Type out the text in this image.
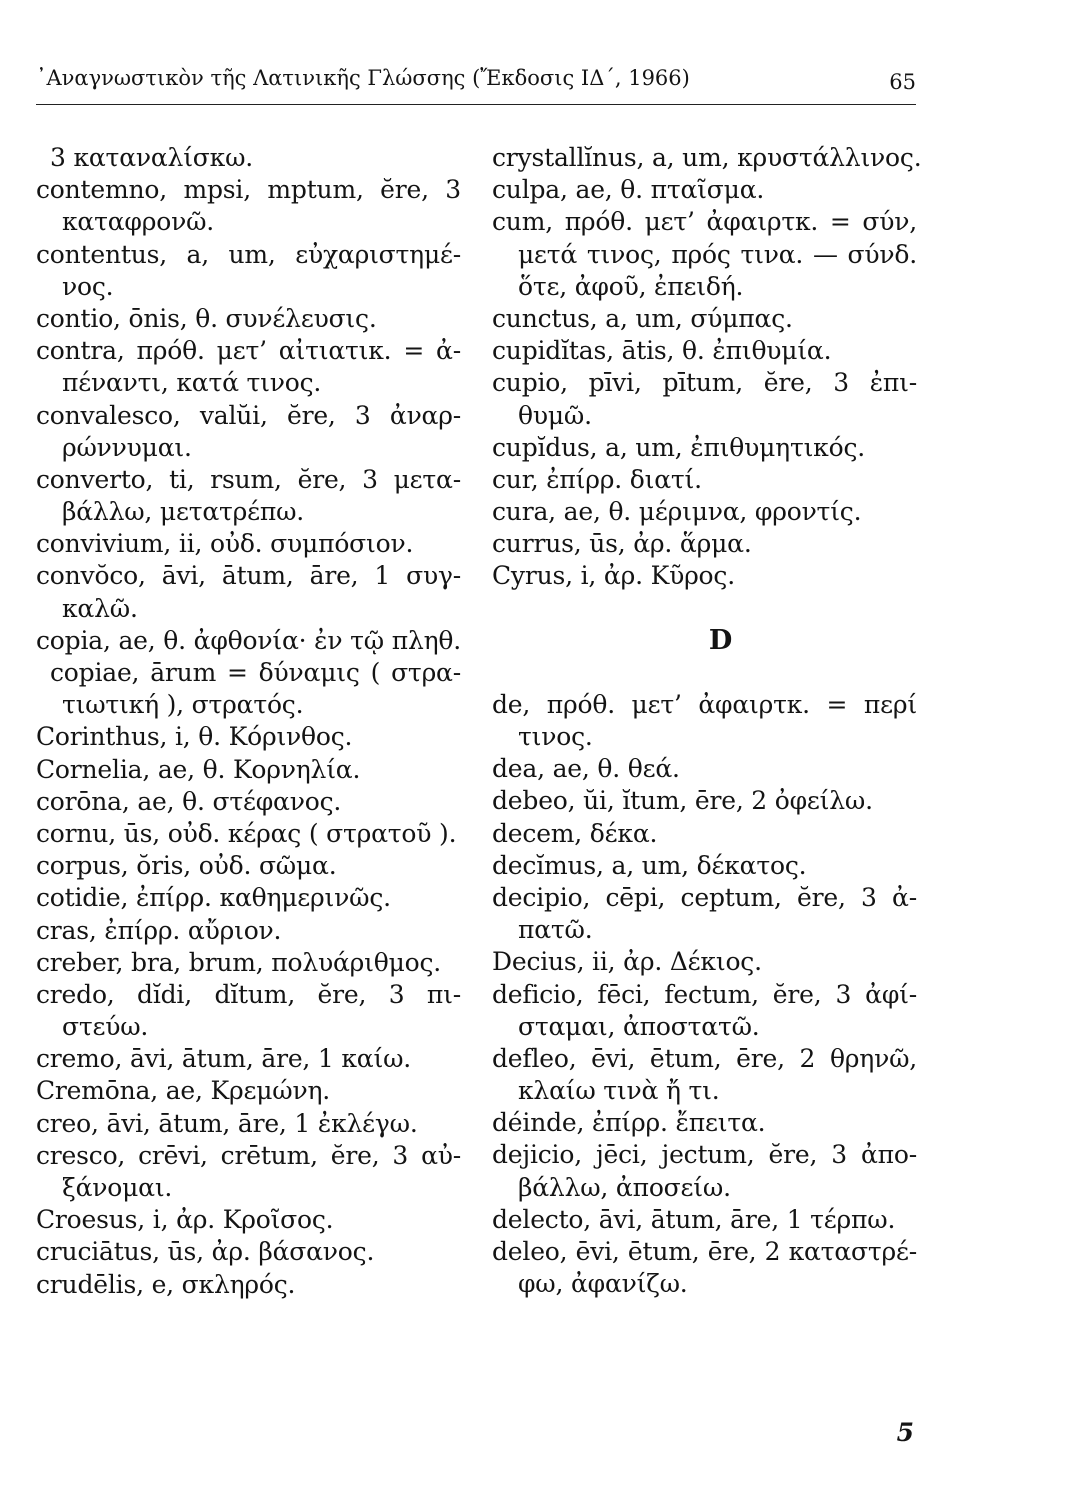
᾽Αναγνωστικὸν τῆς Λατινικῆς Γλώσσης (Ἔκδοσις ΙΔ΄, 1966)	65
3 καταναλίσκω.
contemno, mpsi, mptum, ĕre, 3
καταφρονῶ.
contentus, a, um, εὐχαριστημέ-
νος.
contio, ōnis, θ. συνέλευσις.
contra, πρόθ. μετ’ αἰτιατικ. = ἀ-
πέναντι, κατά τινος.
convalesco, valŭi, ĕre, 3 ἀναρ-
ρώννυμαι.
converto, ti, rsum, ĕre, 3 μετα-
βάλλω, μετατρέπω.
convivium, ii, οὐδ. συμπόσιον.
convŏco, āvi, ātum, āre, 1 συγ-
καλῶ.
copia, ae, θ. ἀφθονία· ἐν τῷ πληθ.
copiae, ārum = δύναμις ( στρα-
τιωτική ), στρατός.
Corinthus, i, θ. Κόρινθος.
Cornelia, ae, θ. Κορνηλία.
corōna, ae, θ. στέφανος.
cornu, ūs, οὐδ. κέρας ( στρατοῦ ).
corpus, ŏris, οὐδ. σῶμα.
cotidie, ἐπίρρ. καθημερινῶς.
cras, ἐπίρρ. αὔριον.
creber, bra, brum, πολυάριθμος.
credo, dĭdi, dĭtum, ĕre, 3 πι-
στεύω.
cremo, āvi, ātum, āre, 1 καίω.
Cremōna, ae, Κρεμώνη.
creo, āvi, ātum, āre, 1 ἐκλέγω.
cresco, crēvi, crētum, ĕre, 3 αὐ-
ξάνομαι.
Croesus, i, ἀρ. Κροῖσος.
cruciātus, ūs, ἀρ. βάσανος.
crudēlis, e, σκληρός.
crystallĭnus, a, um, κρυστάλλινος.
culpa, ae, θ. πταῖσμα.
cum, πρόθ. μετ’ ἀφαιρτκ. = σύν,
μετά τινος, πρός τινα. — σύνδ.
ὅτε, ἀφοῦ, ἐπειδή.
cunctus, a, um, σύμπας.
cupidĭtas, ātis, θ. ἐπιθυμία.
cupio, pīvi, pītum, ĕre, 3 ἐπι-
θυμῶ.
cupĭdus, a, um, ἐπιθυμητικός.
cur, ἐπίρρ. διατί.
cura, ae, θ. μέριμνα, φροντίς.
currus, ūs, ἀρ. ἅρμα.
Cyrus, i, ἀρ. Κῦρος.
D
de, πρόθ. μετ’ ἀφαιρτκ. = περί
τινος.
dea, ae, θ. θεά.
debeo, ŭi, ĭtum, ēre, 2 ὀφείλω.
decem, δέκα.
decĭmus, a, um, δέκατος.
decipio, cēpi, ceptum, ĕre, 3 ἀ-
πατῶ.
Decius, ii, ἀρ. Δέκιος.
deficio, fēci, fectum, ĕre, 3 ἀφί-
σταμαι, ἀποστατῶ.
defleo, ēvi, ētum, ēre, 2 θρηνῶ,
κλαίω τινὰ ἤ τι.
déinde, ἐπίρρ. ἔπειτα.
dejicio, jēci, jectum, ĕre, 3 ἀπο-
βάλλω, ἀποσείω.
delecto, āvi, ātum, āre, 1 τέρπω.
deleo, ēvi, ētum, ēre, 2 καταστρέ-
φω, ἀφανίζω.
5
